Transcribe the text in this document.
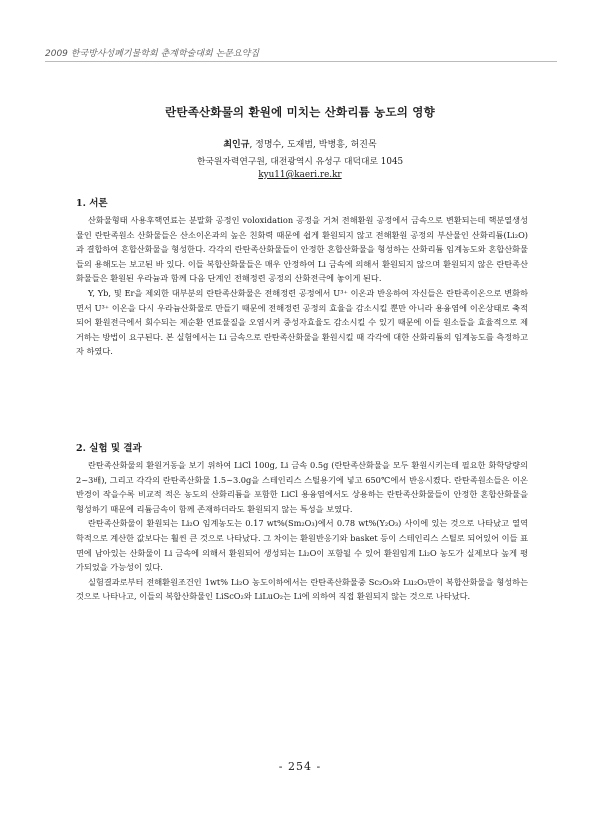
2009 한국방사성폐기물학회 춘계학술대회 논문요약집
란탄족산화물의 환원에 미치는 산화리튬 농도의 영향
최인규, 정명수, 도재범, 박병흥, 허진목
한국원자력연구원, 대전광역시 유성구 대덕대로 1045
kyu11@kaeri.re.kr
1. 서론

산화물형태 사용후핵연료는 분말화 공정인 voloxidation 공정을 거쳐 전해환원 공정에서 금속으로 변환되는데 핵분열생성물인 란탄족원소 산화물들은 산소이온과의 높은 친화력 때문에 쉽게 환원되지 않고 전해환원 공정의 부산물인 산화리튬(Li₂O)과 결합하여 혼합산화물을 형성한다. 각각의 란탄족산화물들이 안정한 혼합산화물을 형성하는 산화리튬 임계농도와 혼합산화물들의 용해도는 보고된 바 있다. 이들 복합산화물들은 매우 안정하여 Li 금속에 의해서 환원되지 않으며 환원되지 않은 란탄족산화물들은 환원된 우라늄과 함께 다음 단계인 전해정련 공정의 산화전극에 놓이게 된다.

Y, Yb, 및 Er을 제외한 대부분의 란탄족산화물은 전해정련 공정에서 U³⁺ 이온과 반응하여 자신들은 란탄족이온으로 변화하면서 U³⁺ 이온을 다시 우라늄산화물로 만들기 때문에 전해정련 공정의 효율을 감소시킬 뿐만 아니라 용융염에 이온상태로 축적되어 환원전극에서 회수되는 제순환 연료물질을 오염시켜 중성자효율도 감소시킬 수 있기 때문에 이들 원소들을 효율적으로 제거하는 방법이 요구된다. 본 실험에서는 Li 금속으로 란탄족산화물을 환원시킬 때 각각에 대한 산화리튬의 임계농도를 측정하고자 하였다.

2. 실험 및 결과

란탄족산화물의 환원거동을 보기 위하여 LiCl 100g, Li 금속 0.5g (란탄족산화물을 모두 환원시키는데 필요한 화학당량의 2~3배), 그리고 각각의 란탄족산화물 1.5~3.0g을 스테인리스 스틸용기에 넣고 650℃에서 반응시켰다. 란탄족원소들은 이온반경이 작을수록 비교적 적은 농도의 산화리튬을 포함한 LiCl 용융염에서도 상용하는 란탄족산화물들이 안정한 혼합산화물을 형성하기 때문에 리튬금속이 함께 존재하더라도 환원되지 않는 특성을 보였다.

란탄족산화물이 환원되는 Li₂O 임계농도는 0.17 wt%(Sm₂O₃)에서 0.78 wt%(Y₂O₃) 사이에 있는 것으로 나타났고 열역학적으로 계산한 값보다는 훨씬 큰 것으로 나타났다. 그 차이는 환원반응기와 basket 등이 스테인리스 스틸로 되어있어 이들 표면에 남아있는 산화물이 Li 금속에 의해서 환원되어 생성되는 Li₂O이 포함될 수 있어 환원임계 Li₂O 농도가 실제보다 높게 평가되었을 가능성이 있다.

실험결과로부터 전해환원조건인 1wt% Li₂O 농도이하에서는 란탄족산화물중 Sc₂O₃와 Lu₂O₃만이 복합산화물을 형성하는 것으로 나타나고, 이들의 복합산화물인 LiScO₂와 LiLuO₂는 Li에 의하여 직접 환원되지 않는 것으로 나타났다.

- 254 -
